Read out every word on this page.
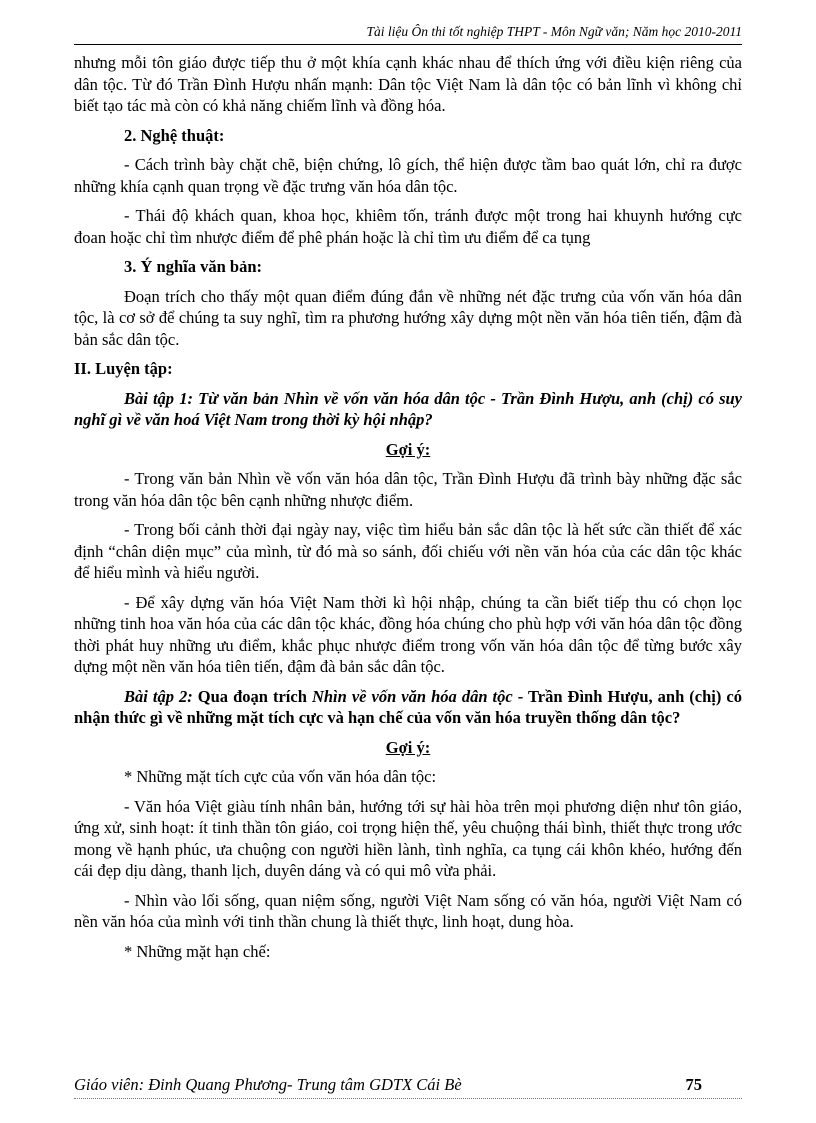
Tài liệu Ôn thi tốt nghiệp THPT - Môn Ngữ văn; Năm học 2010-2011

nhưng mỗi tôn giáo được tiếp thu ở một khía cạnh khác nhau để thích ứng với điều kiện riêng của dân tộc. Từ đó Trần Đình Hượu nhấn mạnh: Dân tộc Việt Nam là dân tộc có bản lĩnh vì không chỉ biết tạo tác mà còn có khả năng chiếm lĩnh và đồng hóa.

2. Nghệ thuật:

- Cách trình bày chặt chẽ, biện chứng, lô gích, thể hiện được tầm bao quát lớn, chỉ ra được những khía cạnh quan trọng về đặc trưng văn hóa dân tộc.

- Thái độ khách quan, khoa học, khiêm tốn, tránh được một trong hai khuynh hướng cực đoan hoặc chỉ tìm nhược điểm để phê phán hoặc là chỉ tìm ưu điểm để ca tụng

3. Ý nghĩa văn bản:

Đoạn trích cho thấy một quan điểm đúng đắn về những nét đặc trưng của vốn văn hóa dân tộc, là cơ sở để chúng ta suy nghĩ, tìm ra phương hướng xây dựng một nền văn hóa tiên tiến, đậm đà bản sắc dân tộc.

II. Luyện tập:

Bài tập 1: Từ văn bản Nhìn về vốn văn hóa dân tộc - Trần Đình Hượu, anh (chị) có suy nghĩ gì về văn hoá Việt Nam trong thời kỳ hội nhập?

Gợi ý:

- Trong văn bản Nhìn về vốn văn hóa dân tộc, Trần Đình Hượu đã trình bày những đặc sắc trong văn hóa dân tộc bên cạnh những nhược điểm.

- Trong bối cảnh thời đại ngày nay, việc tìm hiểu bản sắc dân tộc là hết sức cần thiết để xác định “chân diện mục” của mình, từ đó mà so sánh, đối chiếu với nền văn hóa của các dân tộc khác để hiểu mình và hiểu người.

- Để xây dựng văn hóa Việt Nam thời kì hội nhập, chúng ta cần biết tiếp thu có chọn lọc những tinh hoa văn hóa của các dân tộc khác, đồng hóa chúng cho phù hợp với văn hóa dân tộc đồng thời phát huy những ưu điểm, khắc phục nhược điểm trong vốn văn hóa dân tộc để từng bước xây dựng một nền văn hóa tiên tiến, đậm đà bản sắc dân tộc.

Bài tập 2: Qua đoạn trích Nhìn về vốn văn hóa dân tộc - Trần Đình Hượu, anh (chị) có nhận thức gì về những mặt tích cực và hạn chế của vốn văn hóa truyền thống dân tộc?

Gợi ý:

* Những mặt tích cực của vốn văn hóa dân tộc:

- Văn hóa Việt giàu tính nhân bản, hướng tới sự hài hòa trên mọi phương diện như tôn giáo, ứng xử, sinh hoạt: ít tinh thần tôn giáo, coi trọng hiện thế, yêu chuộng thái bình, thiết thực trong ước mong về hạnh phúc, ưa chuộng con người hiền lành, tình nghĩa, ca tụng cái khôn khéo, hướng đến cái đẹp dịu dàng, thanh lịch, duyên dáng và có qui mô vừa phải.

- Nhìn vào lối sống, quan niệm sống, người Việt Nam sống có văn hóa, người Việt Nam có nền văn hóa của mình với tinh thần chung là thiết thực, linh hoạt, dung hòa.

* Những mặt hạn chế:

Giáo viên: Đinh Quang Phương- Trung tâm GDTX Cái Bè	75
